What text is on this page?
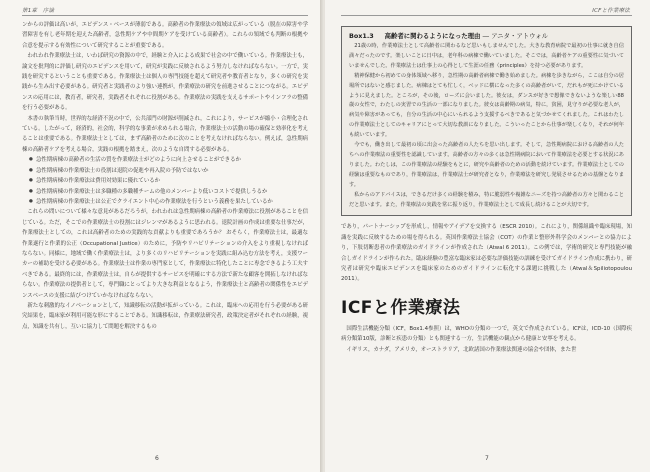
第1章　序論

ンからの評価は高いが，エビデンス・ベースが薄弱である。高齢者の作業療法の領域は広がっている（脱在の障害や学習障害を有し老年期を迎えた高齢者，急性期ケアや中間期ケアを受けている高齢者）。これらの領域でも判断の根拠や合意を提示する有効性について研究することが重要である。

われわれ作業療法士は，いわば研究の資源の中で，経験と介入による成果で社会の中で働いている。作業療法士も，論文を批判的に評価し研究のエビデンスを用いて，研究が実践に反映されるよう努力しなければならない。一方で，実践を研究するということも重要である。作業療法士は個人の専門技能を超えて研究者や教育者となり，多くの研究を実践から生み出す必要がある。研究者と実践者のより強い連携が，作業療法の研究を前進させることにつながる。エビデンスの応用には，教育者，研究者，実践者それぞれに役割がある。作業療法の実践を支えるサポートやインフラの整備を行う必要がある。

本書の執筆当時，世界的な経済不況の中で，公共部門の財源が削減され，これにより，サービスが縮小・合理化されている。したがって，経済的，社会的，科学的な事業が求められる場合，作業療法士の活動の場の確保と効率化を考えることは重要である。作業療法士としては，まず高齢者のために次のことを考えなければならない。例えば，急性期病棟の高齢者ケアを考える場合，実践の根拠を踏まえ，次のような自問する必要がある。

● 急性期病棟の高齢者の生活の質を作業療法士がどのように向上させることができるか
● 急性期病棟の作業療法士の役割は退院の促進や再入院の予防ではないか
● 急性期病棟の作業療法は費用対効果に優れているか
● 急性期病棟の作業療法士は多職種の多職種チームの他のメンバーより低いコストで提供しうるか
● 急性期病棟の作業療法士は公正でクライエント中心の作業療法を行うという義務を果たしているか

これらの問いについて様々な意見があるだろうが，われわれは急性期病棟の高齢者の作業療法に役割があることを信じている。ただ，そこでの作業療法士の役割にはジレンマがあるように思われる。退院計画の作成は重要な仕事だが，作業療法士としての，これは高齢者のための実践的な貢献よりも重要であろうか？ おそらく，作業療法士は，最適な作業遂行と作業的公正（Occupational Justice）のために，予防やリハビリテーションの介入をより重視しなければならない。同様に，地域で働く作業療法士は，より多くのリハビリテーションを実践に組み込む方法を考え，支援ワーカーの補助を受ける必要がある。作業療法士は作業の専門家として，作業療法に特化したことに専念できるよう工夫すべきである。最終的には，作業療法士は，自らが提供するサービスを明確にする方法で新たな顧客を開拓しなければならない。作業療法の提供者として，専門職にとってより大きな利益となるよう，作業療法士と高齢者の関係性をエビデンスベースの支援に結びつけていかなければならない。

新たな刺激的なイノベーションとして，知識移転の活動が拡がっている。これは，臨床への応用を行う必要がある研究結果を，臨床家が利用可能な形にすることである。知識移転は，作業療法研究者，政策決定者がそれぞれの経験，視点，知識を共有し，互いに協力して問題を解決するもの

6
ICFと作業療法
Box1.3 　 高齢者に関わるようになった理由 ― アニタ・アトウォル

21歳の時，作業療法士として高齢者に関わるなど思いもしませんでした。大きな教育病院で最初の仕事に就き自信満々だったのです。楽しいことに日中は，老年科の病棟で働いていました。そこでは，高齢者ケアの重要性に気づいていませんでした。作業療法士は仕事上の心得として生涯の任務（principles）を持つ必要があります。

精神保健から初めての身体領域へ移り，急性期の高齢者病棟で働き始めました。病棟を歩きながら，ここは自分の居場所ではないと感じました。病棟はとても忙しく，ベッドに横になった多くの高齢者がいて，だれもが死にかけているように見えました。ところが，その後，ローズに会いました。彼女は，ダンスが好きで想像できないような楽しい88歳の女性で，わたしの実習での生活の一部になりました。彼女は高齢期の病気，特に，貧困，見守りが必要な老人が，病気や障害があっても，自分の生活の中心にいられるよう支援するべきであると気づかせてくれました。これはわたしの作業療法士としてのキャリアにとって大切な教訓になりました。こういったことから仕事が楽しくなり，それが何年も続いています。

今でも，働き出して最初の頃に出会った高齢者の人たちを思い出します。そして，急性期病院における高齢者の人たちへの作業療法の重要性を認識しています。高齢者の方々の多くは急性期病院において作業療法を必要とする状況にありました。わたしは，この作業療法の経験をもとに，研究や高齢者のための活動を続けています。作業療法士としての経験は重要なものであり，作業療法は，作業療法士が研究者となり，作業療法を研究し発展させるための基盤となります。

私からのアドバイスは，できるだけ多くの経験を積み，特に脆弱性や複雑なニーズを持つ高齢者の方々と関わることだと思います。また，作業療法の実践を常に振り返り，作業療法士として成長し続けることが大切です。

であり，パートナーシップを形成し，情報やアイデアを交換する（ESCR 2010）。これにより，関係組織や臨床現場，知識を実践に反映するための場を得られる。英国作業療法士協会（COT）の作業と整形外科学会のメンバーとの協力により，下肢切断患者の作業療法のガイドラインが作成された（Atwal 6 2011）。この例では，学術的研究と専門技能が融合しガイドラインが作られた。臨床経験の豊富な臨床家は必要な評価技能の訓練を受けてガイドライン作成に携わり，研究者は研究や臨床エビデンスを臨床家のためのガイドラインに転化する課題に挑戦した（Atwal＆Spiliotopoulou 2011）。

ICFと作業療法

国際生活機能分類（ICF，Box1.4参照）は，WHOの分類の一つで，英文で作成されている。ICFは，ICD-10（国際疾病分類第10版，診断と疾患の分類）とも関連する一方，生活機能の観点から健康と安寧を考える。

イギリス，カナダ，アメリカ，オーストラリア，北欧諸国の作業療法関連の協会や団体，また世

7
